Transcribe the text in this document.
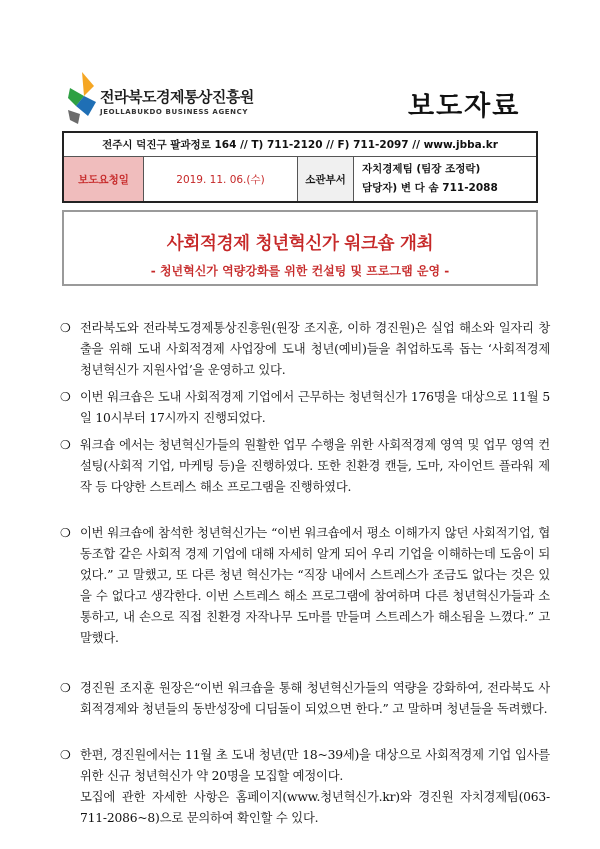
전라북도경제통상진흥원
JEOLLABUKDO BUSINESS AGENCY	보도자료
전주시 덕진구 팔과정로 164 // T) 711-2120 // F) 711-2097 // www.jbba.kr
보도요청일	2019. 11. 06.(수)	소관부서
자치경제팀 (팀장 조정락)
담당자) 변 다 솜 711-2088
사회적경제 청년혁신가 워크숍 개최
- 청년혁신가 역량강화를 위한 컨설팅 및 프로그램 운영 -
❍ 전라북도와 전라북도경제통상진흥원(원장 조지훈, 이하 경진원)은 실업 해소와 일자리 창출을 위해 도내 사회적경제 사업장에 도내 청년(예비)들을 취업하도록 돕는 ‘사회적경제 청년혁신가 지원사업’을 운영하고 있다.
❍ 이번 워크숍은 도내 사회적경제 기업에서 근무하는 청년혁신가 176명을 대상으로 11월 5일 10시부터 17시까지 진행되었다.
❍ 워크숍 에서는 청년혁신가들의 원활한 업무 수행을 위한 사회적경제 영역 및 업무 영역 컨설팅(사회적 기업, 마케팅 등)을 진행하였다. 또한 친환경 캔들, 도마, 자이언트 플라워 제작 등 다양한 스트레스 해소 프로그램을 진행하였다.
❍ 이번 워크숍에 참석한 청년혁신가는 “이번 워크숍에서 평소 이해가지 않던 사회적기업, 협동조합 같은 사회적 경제 기업에 대해 자세히 알게 되어 우리 기업을 이해하는데 도움이 되었다.” 고 말했고, 또 다른 청년 혁신가는 “직장 내에서 스트레스가 조금도 없다는 것은 있을 수 없다고 생각한다. 이번 스트레스 해소 프로그램에 참여하며 다른 청년혁신가들과 소통하고, 내 손으로 직접 친환경 자작나무 도마를 만들며 스트레스가 해소됨을 느꼈다.” 고 말했다.
❍ 경진원 조지훈 원장은“이번 워크숍을 통해 청년혁신가들의 역량을 강화하여, 전라북도 사회적경제와 청년들의 동반성장에 디딤돌이 되었으면 한다.” 고 말하며 청년들을 독려했다.
❍ 한편, 경진원에서는 11월 초 도내 청년(만 18~39세)을 대상으로 사회적경제 기업 입사를 위한 신규 청년혁신가 약 20명을 모집할 예정이다.
모집에 관한 자세한 사항은 홈페이지(www.청년혁신가.kr)와 경진원 자치경제팀(063-711-2086~8)으로 문의하여 확인할 수 있다.
